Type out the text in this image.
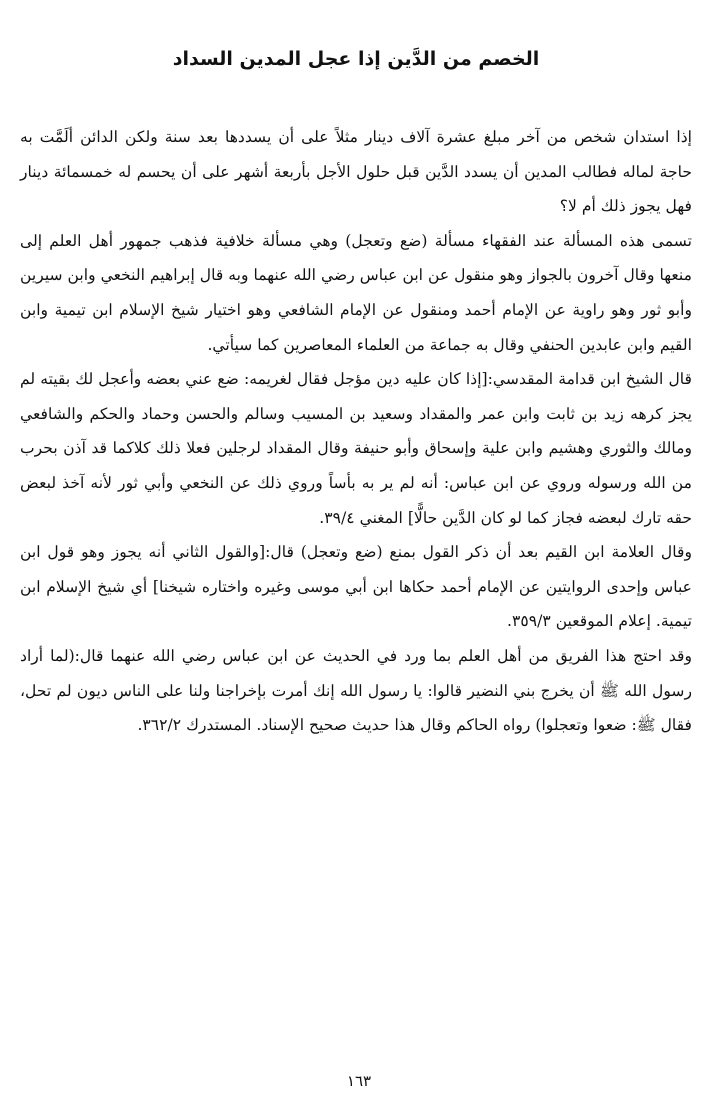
الخصم من الدَّين إذا عجل المدين السداد

إذا استدان شخص من آخر مبلغ عشرة آلاف دينار مثلاً على أن يسددها بعد سنة ولكن الدائن ألَمَّت به حاجة لماله فطالب المدين أن يسدد الدَّين قبل حلول الأجل بأربعة أشهر على أن يحسم له خمسمائة دينار فهل يجوز ذلك أم لا؟

تسمى هذه المسألة عند الفقهاء مسألة (ضع وتعجل) وهي مسألة خلافية فذهب جمهور أهل العلم إلى منعها وقال آخرون بالجواز وهو منقول عن ابن عباس رضي الله عنهما وبه قال إبراهيم النخعي وابن سيرين وأبو ثور وهو راوية عن الإمام أحمد ومنقول عن الإمام الشافعي وهو اختيار شيخ الإسلام ابن تيمية وابن القيم وابن عابدين الحنفي وقال به جماعة من العلماء المعاصرين كما سيأتي.

قال الشيخ ابن قدامة المقدسي:[إذا كان عليه دين مؤجل فقال لغريمه: ضع عني بعضه وأعجل لك بقيته لم يجز كرهه زيد بن ثابت وابن عمر والمقداد وسعيد بن المسيب وسالم والحسن وحماد والحكم والشافعي ومالك والثوري وهشيم وابن علية وإسحاق وأبو حنيفة وقال المقداد لرجلين فعلا ذلك كلاكما قد آذن بحرب من الله ورسوله وروي عن ابن عباس: أنه لم ير به بأساً وروي ذلك عن النخعي وأبي ثور لأنه آخذ لبعض حقه تارك لبعضه فجاز كما لو كان الدَّين حالًّا] المغني ٣٩/٤.

وقال العلامة ابن القيم بعد أن ذكر القول بمنع (ضع وتعجل) قال:[والقول الثاني أنه يجوز وهو قول ابن عباس وإحدى الروايتين عن الإمام أحمد حكاها ابن أبي موسى وغيره واختاره شيخنا] أي شيخ الإسلام ابن تيمية. إعلام الموقعين ٣٥٩/٣.

وقد احتج هذا الفريق من أهل العلم بما ورد في الحديث عن ابن عباس رضي الله عنهما قال:(لما أراد رسول الله ﷺ أن يخرج بني النضير قالوا: يا رسول الله إنك أمرت بإخراجنا ولنا على الناس ديون لم تحل، فقال ﷺ: ضعوا وتعجلوا) رواه الحاكم وقال هذا حديث صحيح الإسناد. المستدرك ٣٦٢/٢.

١٦٣
